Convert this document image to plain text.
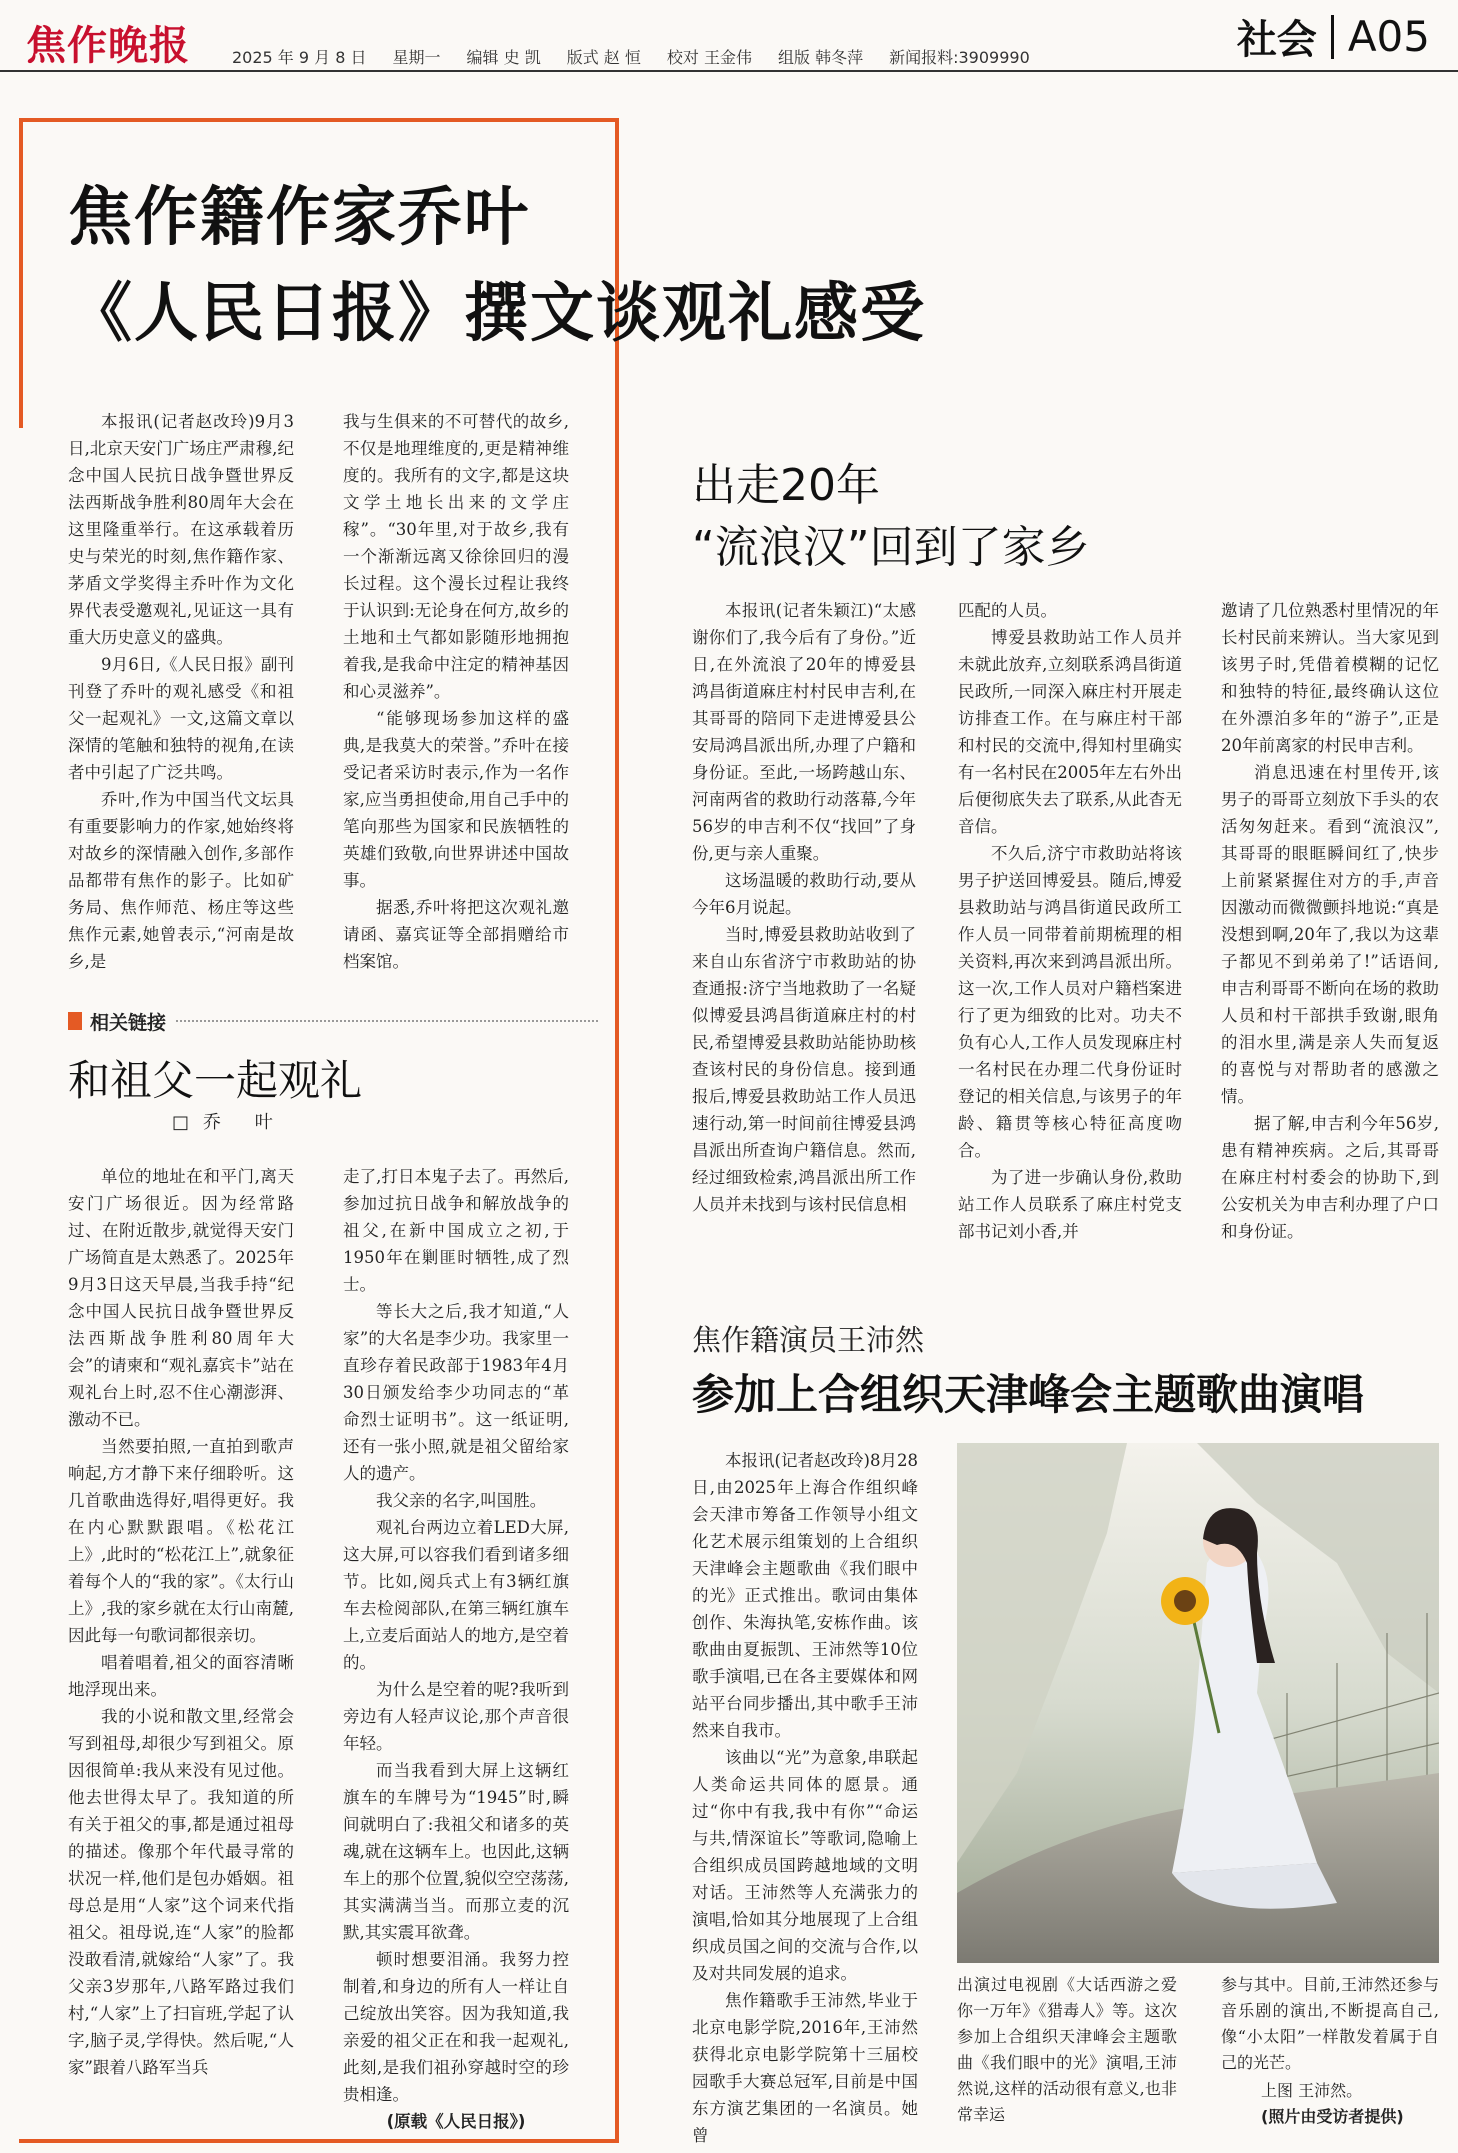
焦作晚报	2025 年 9 月 8 日 星期一 编辑 史 凯 版式 赵 恒 校对 王金伟 组版 韩冬萍 新闻报料:3909990	社会 A05
焦作籍作家乔叶
《人民日报》撰文谈观礼感受

本报讯(记者赵改玲)9月3日,北京天安门广场庄严肃穆,纪念中国人民抗日战争暨世界反法西斯战争胜利80周年大会在这里隆重举行。在这承载着历史与荣光的时刻,焦作籍作家、茅盾文学奖得主乔叶作为文化界代表受邀观礼,见证这一具有重大历史意义的盛典。

9月6日,《人民日报》副刊刊登了乔叶的观礼感受《和祖父一起观礼》一文,这篇文章以深情的笔触和独特的视角,在读者中引起了广泛共鸣。

乔叶,作为中国当代文坛具有重要影响力的作家,她始终将对故乡的深情融入创作,多部作品都带有焦作的影子。比如矿务局、焦作师范、杨庄等这些焦作元素,她曾表示,“河南是故乡,是

我与生俱来的不可替代的故乡,不仅是地理维度的,更是精神维度的。我所有的文字,都是这块文学土地长出来的文学庄稼”。“30年里,对于故乡,我有一个渐渐远离又徐徐回归的漫长过程。这个漫长过程让我终于认识到:无论身在何方,故乡的土地和土气都如影随形地拥抱着我,是我命中注定的精神基因和心灵滋养”。

“能够现场参加这样的盛典,是我莫大的荣誉。”乔叶在接受记者采访时表示,作为一名作家,应当勇担使命,用自己手中的笔向那些为国家和民族牺牲的英雄们致敬,向世界讲述中国故事。

据悉,乔叶将把这次观礼邀请函、嘉宾证等全部捐赠给市档案馆。

相关链接
和祖父一起观礼
□乔 叶

单位的地址在和平门,离天安门广场很近。因为经常路过、在附近散步,就觉得天安门广场简直是太熟悉了。2025年9月3日这天早晨,当我手持“纪念中国人民抗日战争暨世界反法西斯战争胜利80周年大会”的请柬和“观礼嘉宾卡”站在观礼台上时,忍不住心潮澎湃、激动不已。

当然要拍照,一直拍到歌声响起,方才静下来仔细聆听。这几首歌曲选得好,唱得更好。我在内心默默跟唱。《松花江上》,此时的“松花江上”,就象征着每个人的“我的家”。《太行山上》,我的家乡就在太行山南麓,因此每一句歌词都很亲切。

唱着唱着,祖父的面容清晰地浮现出来。

我的小说和散文里,经常会写到祖母,却很少写到祖父。原因很简单:我从来没有见过他。他去世得太早了。我知道的所有关于祖父的事,都是通过祖母的描述。像那个年代最寻常的状况一样,他们是包办婚姻。祖母总是用“人家”这个词来代指祖父。祖母说,连“人家”的脸都没敢看清,就嫁给“人家”了。我父亲3岁那年,八路军路过我们村,“人家”上了扫盲班,学起了认字,脑子灵,学得快。然后呢,“人家”跟着八路军当兵

走了,打日本鬼子去了。再然后,参加过抗日战争和解放战争的祖父,在新中国成立之初,于1950年在剿匪时牺牲,成了烈士。

等长大之后,我才知道,“人家”的大名是李少功。我家里一直珍存着民政部于1983年4月30日颁发给李少功同志的“革命烈士证明书”。这一纸证明,还有一张小照,就是祖父留给家人的遗产。

我父亲的名字,叫国胜。

观礼台两边立着LED大屏,这大屏,可以容我们看到诸多细节。比如,阅兵式上有3辆红旗车去检阅部队,在第三辆红旗车上,立麦后面站人的地方,是空着的。

为什么是空着的呢?我听到旁边有人轻声议论,那个声音很年轻。

而当我看到大屏上这辆红旗车的车牌号为“1945”时,瞬间就明白了:我祖父和诸多的英魂,就在这辆车上。也因此,这辆车上的那个位置,貌似空空荡荡,其实满满当当。而那立麦的沉默,其实震耳欲聋。

顿时想要泪涌。我努力控制着,和身边的所有人一样让自己绽放出笑容。因为我知道,我亲爱的祖父正在和我一起观礼,此刻,是我们祖孙穿越时空的珍贵相逢。

(原载《人民日报》)

出走20年
“流浪汉”回到了家乡

本报讯(记者朱颖江)“太感谢你们了,我今后有了身份。”近日,在外流浪了20年的博爱县鸿昌街道麻庄村村民申吉利,在其哥哥的陪同下走进博爱县公安局鸿昌派出所,办理了户籍和身份证。至此,一场跨越山东、河南两省的救助行动落幕,今年56岁的申吉利不仅“找回”了身份,更与亲人重聚。

这场温暖的救助行动,要从今年6月说起。

当时,博爱县救助站收到了来自山东省济宁市救助站的协查通报:济宁当地救助了一名疑似博爱县鸿昌街道麻庄村的村民,希望博爱县救助站能协助核查该村民的身份信息。接到通报后,博爱县救助站工作人员迅速行动,第一时间前往博爱县鸿昌派出所查询户籍信息。然而,经过细致检索,鸿昌派出所工作人员并未找到与该村民信息相

匹配的人员。

博爱县救助站工作人员并未就此放弃,立刻联系鸿昌街道民政所,一同深入麻庄村开展走访排查工作。在与麻庄村干部和村民的交流中,得知村里确实有一名村民在2005年左右外出后便彻底失去了联系,从此杳无音信。

不久后,济宁市救助站将该男子护送回博爱县。随后,博爱县救助站与鸿昌街道民政所工作人员一同带着前期梳理的相关资料,再次来到鸿昌派出所。这一次,工作人员对户籍档案进行了更为细致的比对。功夫不负有心人,工作人员发现麻庄村一名村民在办理二代身份证时登记的相关信息,与该男子的年龄、籍贯等核心特征高度吻合。

为了进一步确认身份,救助站工作人员联系了麻庄村党支部书记刘小香,并

邀请了几位熟悉村里情况的年长村民前来辨认。当大家见到该男子时,凭借着模糊的记忆和独特的特征,最终确认这位在外漂泊多年的“游子”,正是20年前离家的村民申吉利。

消息迅速在村里传开,该男子的哥哥立刻放下手头的农活匆匆赶来。看到“流浪汉”,其哥哥的眼眶瞬间红了,快步上前紧紧握住对方的手,声音因激动而微微颤抖地说:“真是没想到啊,20年了,我以为这辈子都见不到弟弟了!”话语间,申吉利哥哥不断向在场的救助人员和村干部拱手致谢,眼角的泪水里,满是亲人失而复返的喜悦与对帮助者的感激之情。

据了解,申吉利今年56岁,患有精神疾病。之后,其哥哥在麻庄村村委会的协助下,到公安机关为申吉利办理了户口和身份证。

焦作籍演员王沛然
参加上合组织天津峰会主题歌曲演唱

本报讯(记者赵改玲)8月28日,由2025年上海合作组织峰会天津市筹备工作领导小组文化艺术展示组策划的上合组织天津峰会主题歌曲《我们眼中的光》正式推出。歌词由集体创作、朱海执笔,安栋作曲。该歌曲由夏振凯、王沛然等10位歌手演唱,已在各主要媒体和网站平台同步播出,其中歌手王沛然来自我市。

该曲以“光”为意象,串联起人类命运共同体的愿景。通过“你中有我,我中有你”“命运与共,情深谊长”等歌词,隐喻上合组织成员国跨越地域的文明对话。王沛然等人充满张力的演唱,恰如其分地展现了上合组织成员国之间的交流与合作,以及对共同发展的追求。

焦作籍歌手王沛然,毕业于北京电影学院,2016年,王沛然获得北京电影学院第十三届校园歌手大赛总冠军,目前是中国东方演艺集团的一名演员。她曾

出演过电视剧《大话西游之爱你一万年》《猎毒人》等。这次参加上合组织天津峰会主题歌曲《我们眼中的光》演唱,王沛然说,这样的活动很有意义,也非常幸运

参与其中。目前,王沛然还参与音乐剧的演出,不断提高自己,像“小太阳”一样散发着属于自己的光芒。

上图 王沛然。

(照片由受访者提供)
